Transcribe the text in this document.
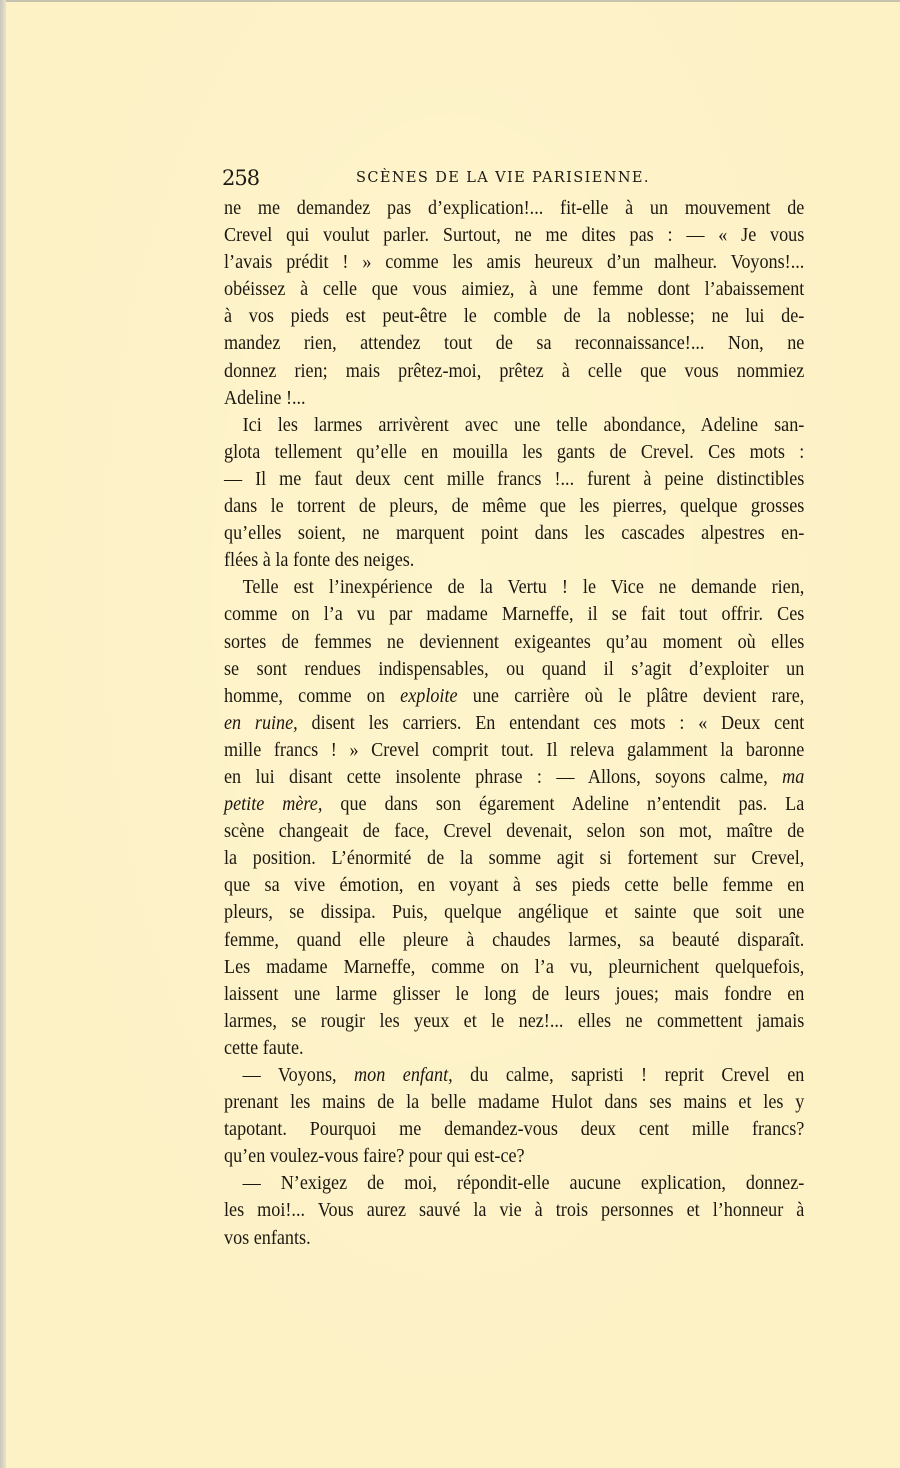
258	SCÈNES DE LA VIE PARISIENNE.
ne me demandez pas d’explication!... fit-elle à un mouvement de
Crevel qui voulut parler. Surtout, ne me dites pas : — « Je vous
l’avais prédit ! » comme les amis heureux d’un malheur. Voyons!...
obéissez à celle que vous aimiez, à une femme dont l’abaissement
à vos pieds est peut-être le comble de la noblesse; ne lui de-
mandez rien, attendez tout de sa reconnaissance!... Non, ne
donnez rien; mais prêtez-moi, prêtez à celle que vous nommiez
Adeline !...
Ici les larmes arrivèrent avec une telle abondance, Adeline san-
glota tellement qu’elle en mouilla les gants de Crevel. Ces mots :
— Il me faut deux cent mille francs !... furent à peine distinctibles
dans le torrent de pleurs, de même que les pierres, quelque grosses
qu’elles soient, ne marquent point dans les cascades alpestres en-
flées à la fonte des neiges.
Telle est l’inexpérience de la Vertu ! le Vice ne demande rien,
comme on l’a vu par madame Marneffe, il se fait tout offrir. Ces
sortes de femmes ne deviennent exigeantes qu’au moment où elles
se sont rendues indispensables, ou quand il s’agit d’exploiter un
homme, comme on exploite une carrière où le plâtre devient rare,
en ruine, disent les carriers. En entendant ces mots : « Deux cent
mille francs ! » Crevel comprit tout. Il releva galamment la baronne
en lui disant cette insolente phrase : — Allons, soyons calme, ma
petite mère, que dans son égarement Adeline n’entendit pas. La
scène changeait de face, Crevel devenait, selon son mot, maître de
la position. L’énormité de la somme agit si fortement sur Crevel,
que sa vive émotion, en voyant à ses pieds cette belle femme en
pleurs, se dissipa. Puis, quelque angélique et sainte que soit une
femme, quand elle pleure à chaudes larmes, sa beauté disparaît.
Les madame Marneffe, comme on l’a vu, pleurnichent quelquefois,
laissent une larme glisser le long de leurs joues; mais fondre en
larmes, se rougir les yeux et le nez!... elles ne commettent jamais
cette faute.
— Voyons, mon enfant, du calme, sapristi ! reprit Crevel en
prenant les mains de la belle madame Hulot dans ses mains et les y
tapotant. Pourquoi me demandez-vous deux cent mille francs?
qu’en voulez-vous faire? pour qui est-ce?
— N’exigez de moi, répondit-elle aucune explication, donnez-
les moi!... Vous aurez sauvé la vie à trois personnes et l’honneur à
vos enfants.
